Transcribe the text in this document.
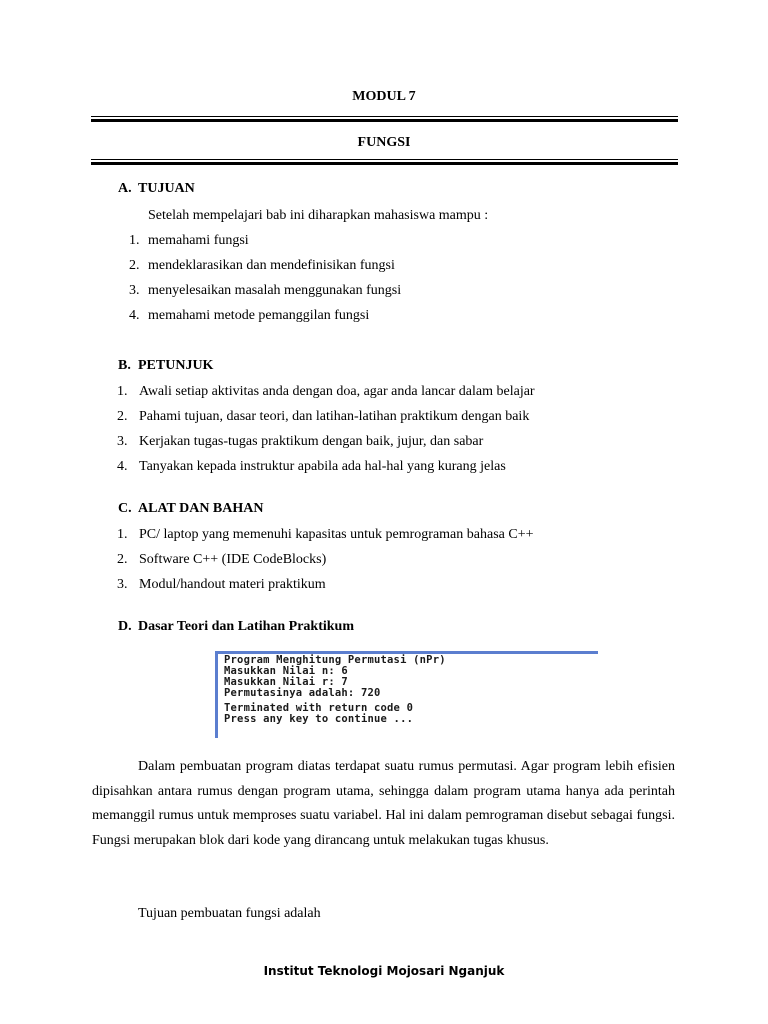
MODUL 7
FUNGSI
A. TUJUAN
Setelah mempelajari bab ini diharapkan mahasiswa mampu :
1. memahami fungsi
2. mendeklarasikan dan mendefinisikan fungsi
3. menyelesaikan masalah menggunakan fungsi
4. memahami metode pemanggilan fungsi
B. PETUNJUK
1. Awali setiap aktivitas anda dengan doa, agar anda lancar dalam belajar
2. Pahami tujuan, dasar teori, dan latihan-latihan praktikum dengan baik
3. Kerjakan tugas-tugas praktikum dengan baik, jujur, dan sabar
4. Tanyakan kepada instruktur apabila ada hal-hal yang kurang jelas
C. ALAT DAN BAHAN
1. PC/ laptop yang memenuhi kapasitas untuk pemrograman bahasa C++
2. Software C++ (IDE CodeBlocks)
3. Modul/handout materi praktikum
D. Dasar Teori dan Latihan Praktikum
Program Menghitung Permutasi (nPr)
Masukkan Nilai n: 6
Masukkan Nilai r: 7
Permutasinya adalah: 720
Terminated with return code 0
Press any key to continue ...
Dalam pembuatan program diatas terdapat suatu rumus permutasi. Agar program lebih efisien dipisahkan antara rumus dengan program utama, sehingga dalam program utama hanya ada perintah memanggil rumus untuk memproses suatu variabel. Hal ini dalam pemrograman disebut sebagai fungsi. Fungsi merupakan blok dari kode yang dirancang untuk melakukan tugas khusus.
Tujuan pembuatan fungsi adalah
Institut Teknologi Mojosari Nganjuk
